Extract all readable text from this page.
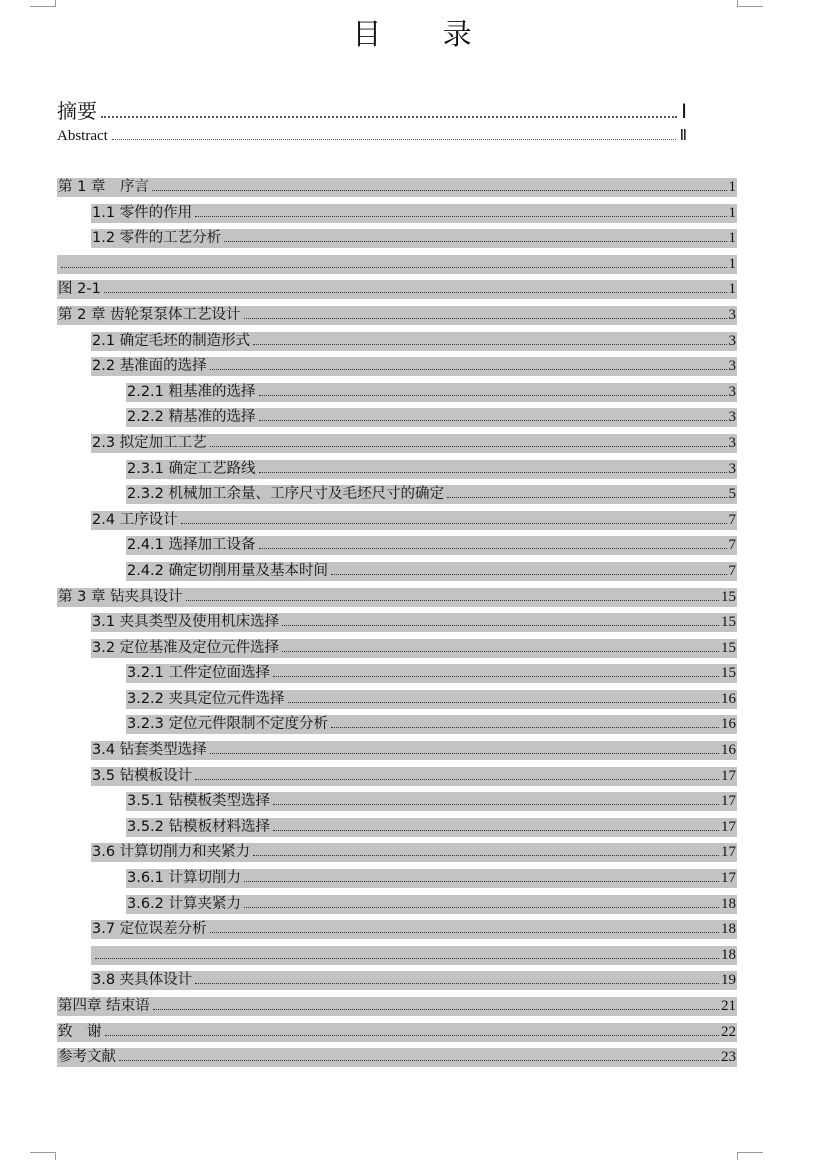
目 录
摘要	Ⅰ
Abstract	Ⅱ
第 1 章　序言	1
1.1 零件的作用	1
1.2 零件的工艺分析	1
1
图 2-1	1
第 2 章 齿轮泵泵体工艺设计	3
2.1 确定毛坯的制造形式	3
2.2 基准面的选择	3
2.2.1 粗基准的选择	3
2.2.2 精基准的选择	3
2.3 拟定加工工艺	3
2.3.1 确定工艺路线	3
2.3.2 机械加工余量、工序尺寸及毛坯尺寸的确定	5
2.4 工序设计	7
2.4.1 选择加工设备	7
2.4.2 确定切削用量及基本时间	7
第 3 章 钻夹具设计	15
3.1 夹具类型及使用机床选择	15
3.2 定位基准及定位元件选择	15
3.2.1 工件定位面选择	15
3.2.2 夹具定位元件选择	16
3.2.3 定位元件限制不定度分析	16
3.4 钻套类型选择	16
3.5 钻模板设计	17
3.5.1 钻模板类型选择	17
3.5.2 钻模板材料选择	17
3.6 计算切削力和夹紧力	17
3.6.1 计算切削力	17
3.6.2 计算夹紧力	18
3.7 定位误差分析	18
18
3.8 夹具体设计	19
第四章 结束语	21
致　谢	22
参考文献	23
